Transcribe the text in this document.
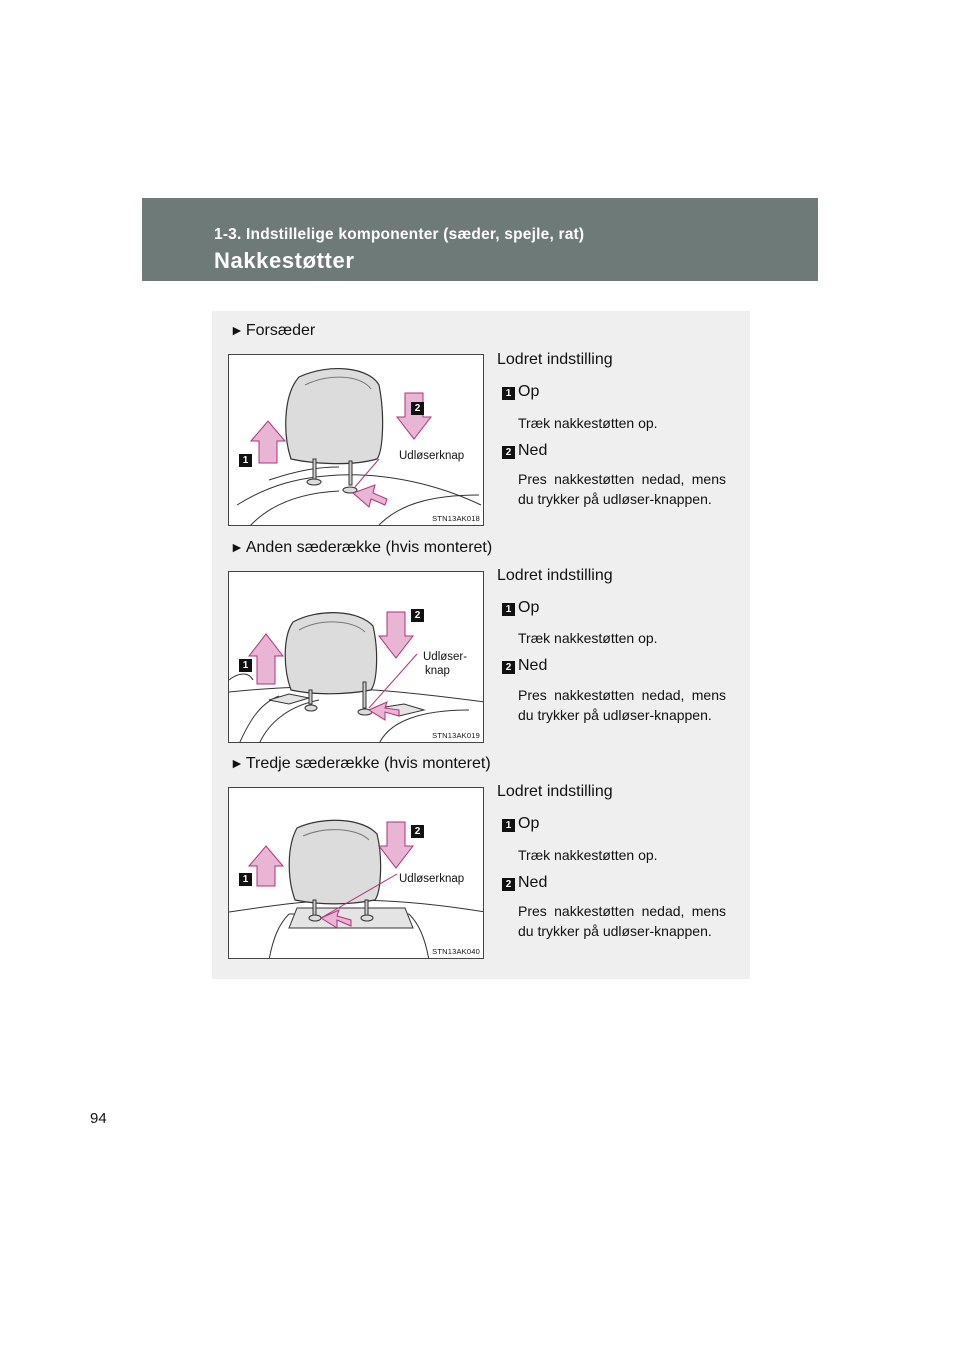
1-3. Indstillelige komponenter (sæder, spejle, rat)
Nakkestøtter
► Forsæder
1
2
Udløserknap
STN13AK018
Lodret indstilling
1 Op
Træk nakkestøtten op.
2 Ned
Pres nakkestøtten nedad, mens du trykker på udløser-knappen.
► Anden sæderække (hvis monteret)
1
2
Udløser-
knap
STN13AK019
Lodret indstilling
1 Op
Træk nakkestøtten op.
2 Ned
Pres nakkestøtten nedad, mens du trykker på udløser-knappen.
► Tredje sæderække (hvis monteret)
1
2
Udløserknap
STN13AK040
Lodret indstilling
1 Op
Træk nakkestøtten op.
2 Ned
Pres nakkestøtten nedad, mens du trykker på udløser-knappen.
94
